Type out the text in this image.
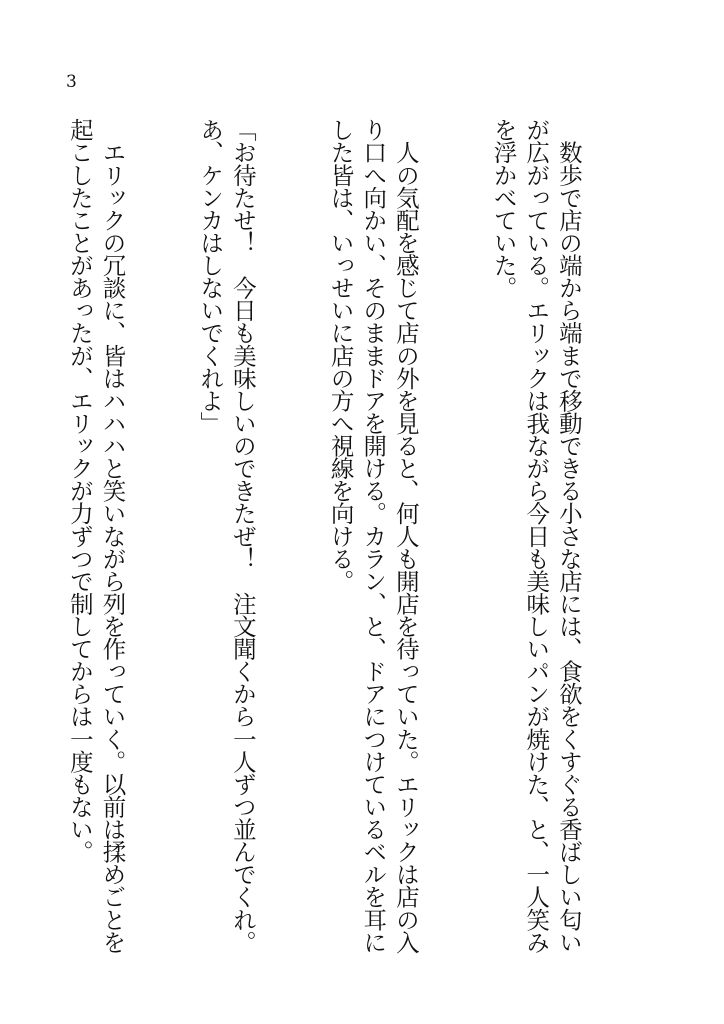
3

　数歩で店の端から端まで移動できる小さな店には、食欲をくすぐる香ばしい匂いが広がっている。エリックは我ながら今日も美味しいパンが焼けた、と、一人笑みを浮かべていた。

　人の気配を感じて店の外を見ると、何人も開店を待っていた。エリックは店の入り口へ向かい、そのままドアを開ける。カラン、と、ドアにつけているベルを耳にした皆は、いっせいに店の方へ視線を向ける。

「お待たせ！　今日も美味しいのできたぜ！　注文聞くから一人ずつ並んでくれ。あ、ケンカはしないでくれよ」

　エリックの冗談に、皆はハハハと笑いながら列を作っていく。以前は揉めごとを起こしたことがあったが、エリックが力ずつで制してからは一度もない。
